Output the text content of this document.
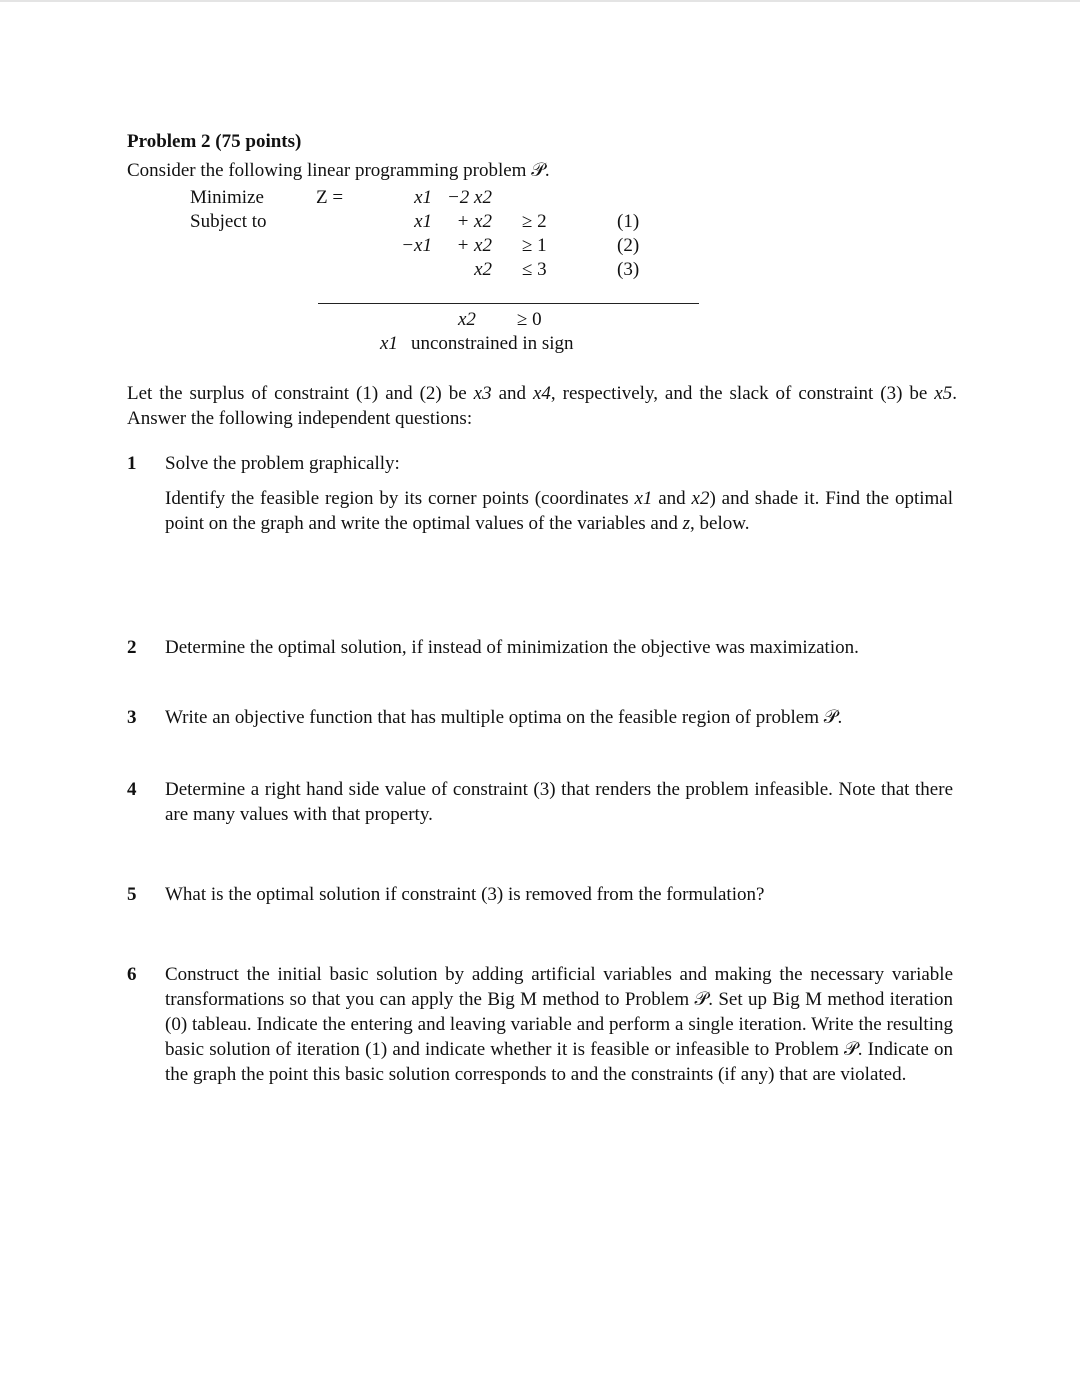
Problem 2 (75 points)
Consider the following linear programming problem 𝒫.
Minimize	Z =	x1	−2 x2		
Subject to		x1	+ x2	≥ 2	(1)
		−x1	+ x2	≥ 1	(2)
			x2	≤ 3	(3)
x2 ≥ 0
x1 unconstrained in sign
Let the surplus of constraint (1) and (2) be x3 and x4, respectively, and the slack of constraint (3) be x5. Answer the following independent questions:
1 Solve the problem graphically:
Identify the feasible region by its corner points (coordinates x1 and x2) and shade it. Find the optimal point on the graph and write the optimal values of the variables and z, below.
2 Determine the optimal solution, if instead of minimization the objective was maximization.
3 Write an objective function that has multiple optima on the feasible region of problem 𝒫.
4 Determine a right hand side value of constraint (3) that renders the problem infeasible. Note that there are many values with that property.
5 What is the optimal solution if constraint (3) is removed from the formulation?
6 Construct the initial basic solution by adding artificial variables and making the necessary variable transformations so that you can apply the Big M method to Problem 𝒫. Set up Big M method iteration (0) tableau. Indicate the entering and leaving variable and perform a single iteration. Write the resulting basic solution of iteration (1) and indicate whether it is feasible or infeasible to Problem 𝒫. Indicate on the graph the point this basic solution corresponds to and the constraints (if any) that are violated.
